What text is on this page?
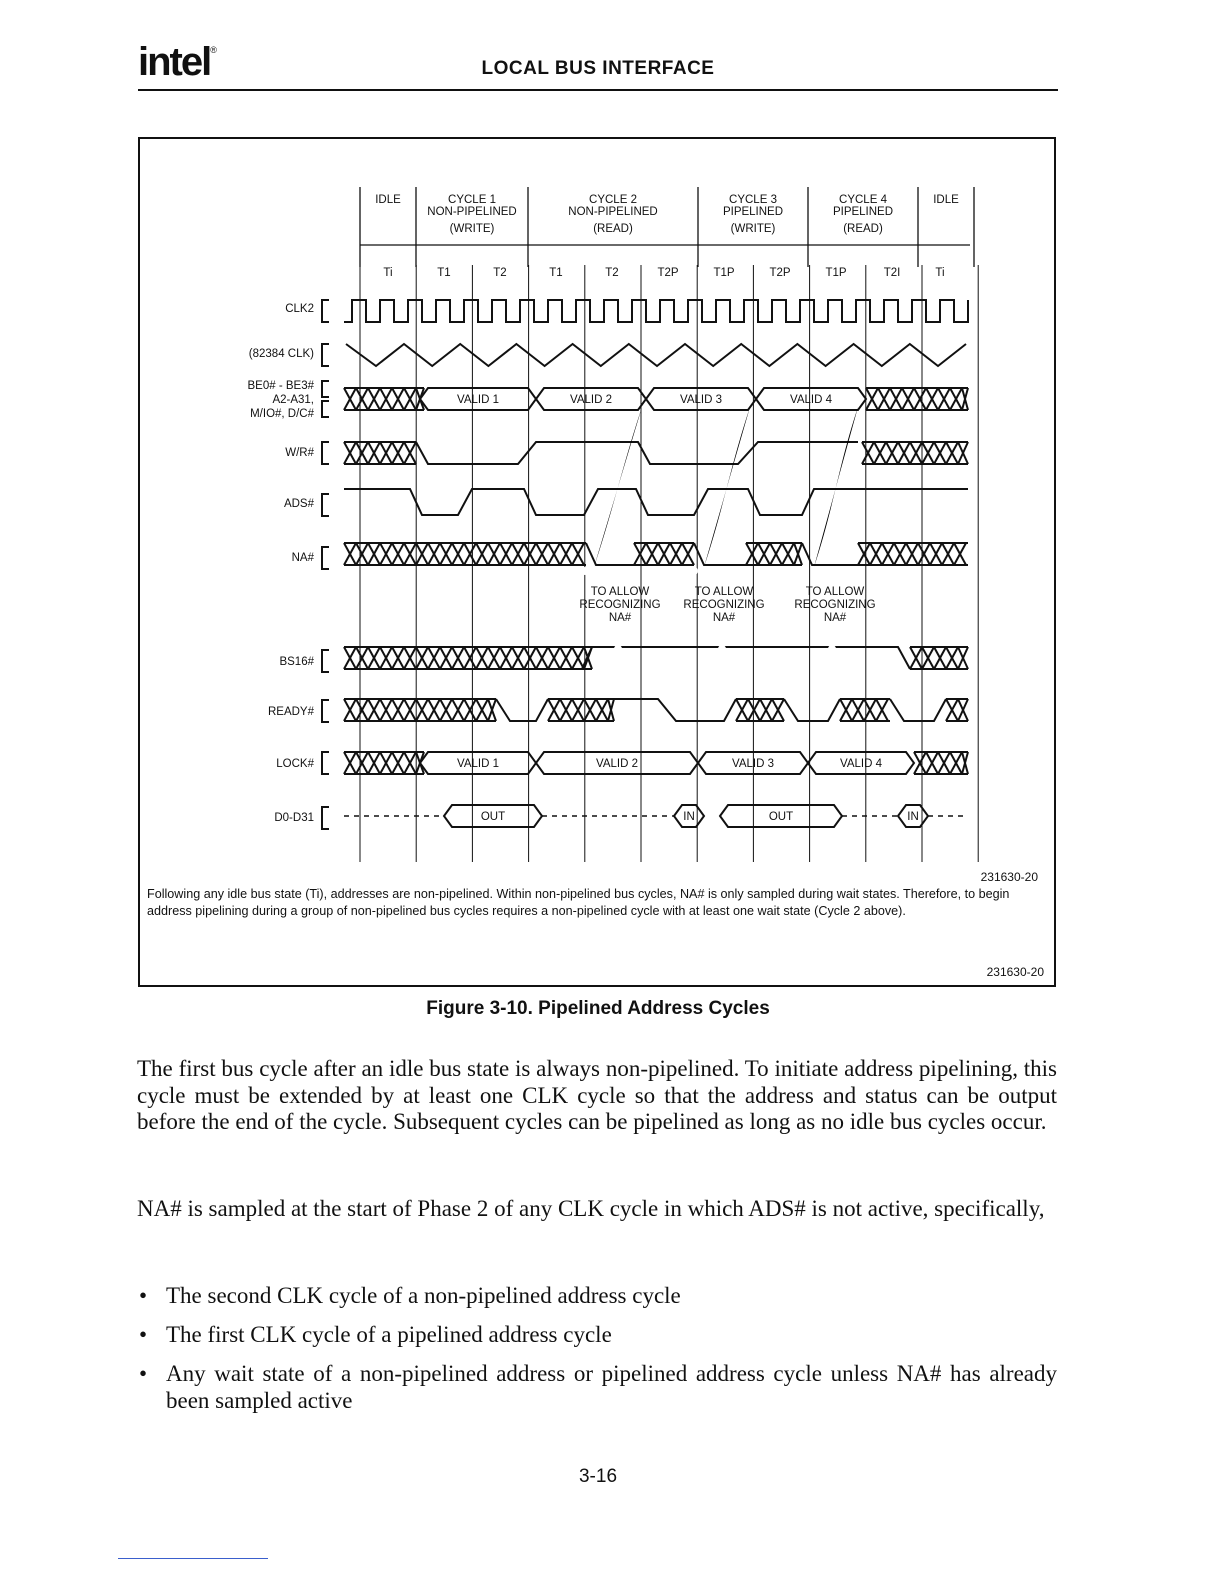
intel®
LOCAL BUS INTERFACE
IDLE	CYCLE 1
NON-PIPELINED
(WRITE)
CYCLE 2
NON-PIPELINED
(READ)
CYCLE 3
PIPELINED
(WRITE)
CYCLE 4
PIPELINED
(READ)
IDLE
Ti	T1	T2	T1	T2	T2P	T1P	T2P	T1P	T2I	Ti
CLK2
(82384 CLK)
BE0# - BE3#
A2-A31,
M/IO#, D/C#
W/R#
ADS#
NA#
BS16#
READY#
LOCK#
D0-D31
VALID 1	VALID 2	VALID 3	VALID 4
VALID 1	VALID 2	VALID 3	VALID 4
OUT	IN	OUT	IN
TO ALLOW
RECOGNIZING
NA#
TO ALLOW
RECOGNIZING
NA#
TO ALLOW
RECOGNIZING
NA#
231630-20
Following any idle bus state (Ti), addresses are non-pipelined. Within non-pipelined bus cycles, NA# is only sampled during wait states. Therefore, to begin address pipelining during a group of non-pipelined bus cycles requires a non-pipelined cycle with at least one wait state (Cycle 2 above).
231630-20
Figure 3-10. Pipelined Address Cycles
The first bus cycle after an idle bus state is always non-pipelined. To initiate address pipelining, this cycle must be extended by at least one CLK cycle so that the address and status can be output before the end of the cycle. Subsequent cycles can be pipelined as long as no idle bus cycles occur.
NA# is sampled at the start of Phase 2 of any CLK cycle in which ADS# is not active, specifically,
• The second CLK cycle of a non-pipelined address cycle
• The first CLK cycle of a pipelined address cycle
• Any wait state of a non-pipelined address or pipelined address cycle unless NA# has already been sampled active
3-16
